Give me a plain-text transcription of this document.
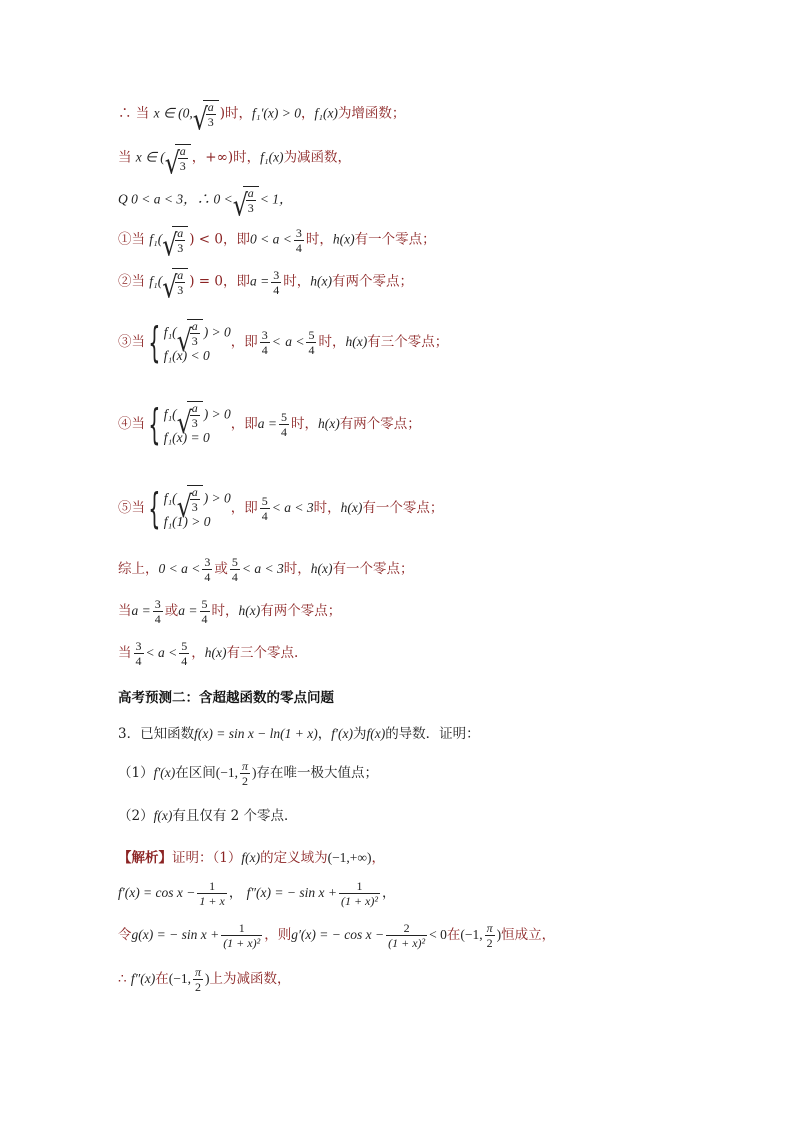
∴ 当 x ∈ (0, √ $\frac{a}{3}$ )时，f₁′(x) > 0，f₁(x)为增函数；
当 x ∈ ( √ $\frac{a}{3}$ ，+∞)时，f₁(x)为减函数，
Q 0 < a < 3，∴ 0 < √ $\frac{a}{3} < 1$，
①当 f₁( √ $\frac{a}{3}$ ) < 0，即$0 < a < \frac{3}{4}$ 时，h(x)有一个零点；
②当 f₁( √ $\frac{a}{3}$ ) = 0，即$a = \frac{3}{4}$ 时，h(x)有两个零点；
③当{ f₁( √ $\frac{a}{3}$ ) > 0
f₁(x) < 0
，即 $\frac{3}{4} < a < \frac{5}{4}$ 时，h(x)有三个零点；
④当{ f₁( √ $\frac{a}{3}$ ) > 0
f₁(x) = 0
，即$a = \frac{5}{4}$ 时，h(x)有两个零点；
⑤当{ f₁( √ $\frac{a}{3}$ ) > 0
f₁(1) > 0
，即 $\frac{5}{4} < a < 3$时，h(x)有一个零点；
综上，$0 < a < \frac{3}{4}$ 或 $\frac{5}{4} < a < 3$时，h(x)有一个零点；
当$a = \frac{3}{4}$ 或$a = \frac{5}{4}$ 时，h(x)有两个零点；
当 $\frac{3}{4} < a < \frac{5}{4}$ ，h(x)有三个零点.
高考预测二：含超越函数的零点问题
3．已知函数f(x) = sin x − ln(1 + x)，f′(x)为f(x)的导数．证明：
（1）f′(x)在区间(−1, $\frac{\pi}{2}$ )存在唯一极大值点；
（2）f(x)有且仅有 2 个零点．
【解析】证明：（1）f(x)的定义域为(−1,+∞)，
$f'(x) = \cos x - \frac{1}{1 + x}$ ， f″(x) = − $\sin x + \frac{1}{\text{(1 + x)²}}$ ，
令g(x) = − $\sin x + \frac{1}{\text{(1 + x)²}}$ ，则g′(x) = − $\cos x - \frac{2}{\text{(1 + x)²}} < 0$在(−1, $\frac{\pi}{2}$ )恒成立，
∴ f″(x)在(−1, $\frac{\pi}{2}$ )上为减函数，
